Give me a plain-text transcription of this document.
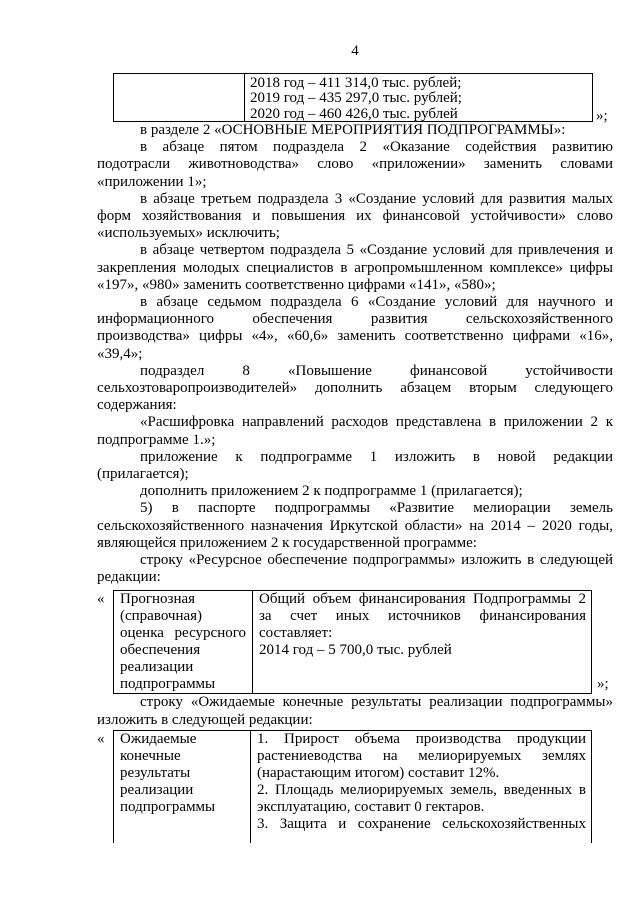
4
2018 год – 411 314,0 тыс. рублей;
2019 год – 435 297,0 тыс. рублей;
2020 год – 460 426,0 тыс. рублей	»;
в разделе 2 «ОСНОВНЫЕ МЕРОПРИЯТИЯ ПОДПРОГРАММЫ»:
в абзаце пятом подраздела 2 «Оказание содействия развитию
подотрасли животноводства» слово «приложении» заменить словами
«приложении 1»;
в абзаце третьем подраздела 3 «Создание условий для развития малых
форм хозяйствования и повышения их финансовой устойчивости» слово
«используемых» исключить;
в абзаце четвертом подраздела 5 «Создание условий для привлечения и
закрепления молодых специалистов в агропромышленном комплексе» цифры
«197», «980» заменить соответственно цифрами «141», «580»;
в абзаце седьмом подраздела 6 «Создание условий для научного и
информационного обеспечения развития сельскохозяйственного
производства» цифры «4», «60,6» заменить соответственно цифрами «16»,
«39,4»;
подраздел 8 «Повышение финансовой устойчивости
сельхозтоваропроизводителей» дополнить абзацем вторым следующего
содержания:
«Расшифровка направлений расходов представлена в приложении 2 к
подпрограмме 1.»;
приложение к подпрограмме 1 изложить в новой редакции
(прилагается);
дополнить приложением 2 к подпрограмме 1 (прилагается);
5) в паспорте подпрограммы «Развитие мелиорации земель
сельскохозяйственного назначения Иркутской области» на 2014 – 2020 годы,
являющейся приложением 2 к государственной программе:
строку «Ресурсное обеспечение подпрограммы» изложить в следующей
редакции:
« Прогнозная
(справочная)
оценка ресурсного
обеспечения
реализации
подпрограммы
Общий объем финансирования Подпрограммы 2
за счет иных источников финансирования
составляет:
2014 год – 5 700,0 тыс. рублей
»;
строку «Ожидаемые конечные результаты реализации подпрограммы»
изложить в следующей редакции:
« Ожидаемые
конечные
результаты
реализации
подпрограммы
1. Прирост объема производства продукции
растениеводства на мелиорируемых землях
(нарастающим итогом) составит 12%.
2. Площадь мелиорируемых земель, введенных в
эксплуатацию, составит 0 гектаров.
3. Защита и сохранение сельскохозяйственных
